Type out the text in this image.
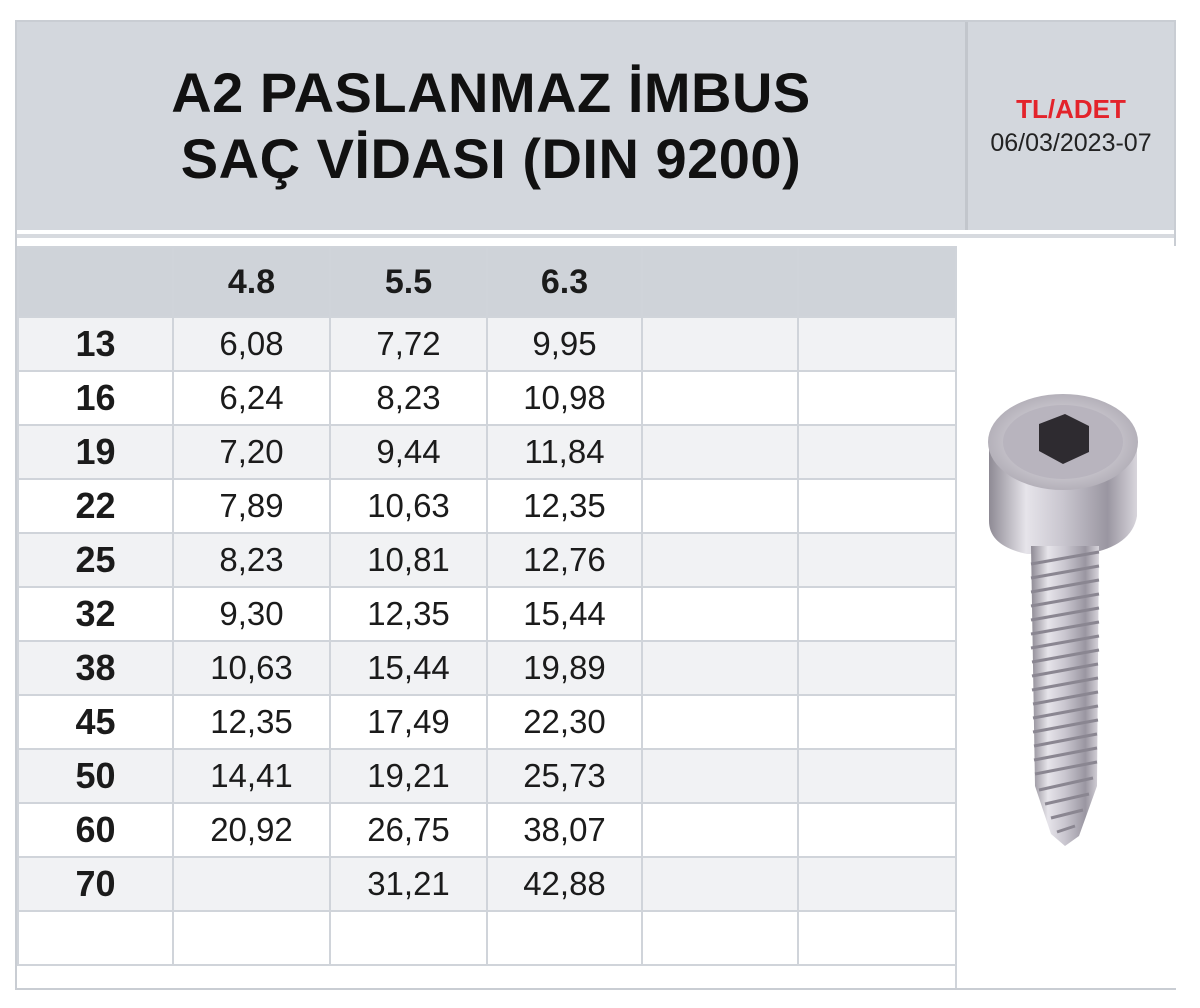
A2 PASLANMAZ İMBUS
SAÇ VİDASI (DIN 9200)
TL/ADET
06/03/2023-07
	4.8	5.5	6.3		
13	6,08	7,72	9,95		
16	6,24	8,23	10,98		
19	7,20	9,44	11,84		
22	7,89	10,63	12,35		
25	8,23	10,81	12,76		
32	9,30	12,35	15,44		
38	10,63	15,44	19,89		
45	12,35	17,49	22,30		
50	14,41	19,21	25,73		
60	20,92	26,75	38,07		
70		31,21	42,88		
